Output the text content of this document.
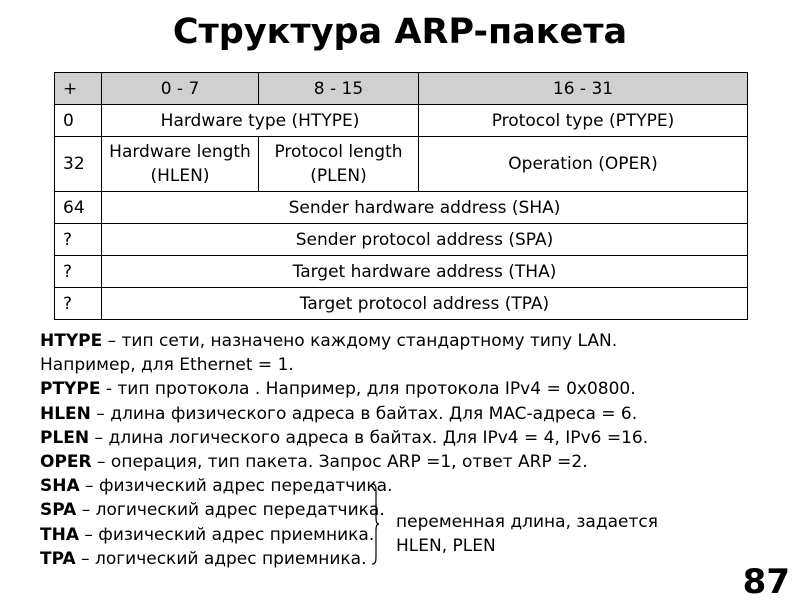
Структура ARP-пакета
+	0 - 7	8 - 15	16 - 31
0	Hardware type (HTYPE)		Protocol type (PTYPE)
32	Hardware length (HLEN)	Protocol length (PLEN)	Operation (OPER)
64	Sender hardware address (SHA)		
?	Sender protocol address (SPA)		
?	Target hardware address (THA)		
?	Target protocol address (TPA)		
HTYPE – тип сети, назначено каждому стандартному типу LAN.
Например, для Ethernet = 1.
PTYPE - тип протокола . Например, для протокола IPv4 = 0x0800.
HLEN – длина физического адреса в байтах. Для MAC-адреса = 6.
PLEN – длина логического адреса в байтах. Для IPv4 = 4, IPv6 =16.
OPER – операция, тип пакета. Запрос ARP =1, ответ ARP =2.
SHA – физический адрес передатчика.
SPA – логический адрес передатчика.
THA – физический адрес приемника.
TPA – логический адрес приемника.
переменная длина, задается
HLEN, PLEN
87
